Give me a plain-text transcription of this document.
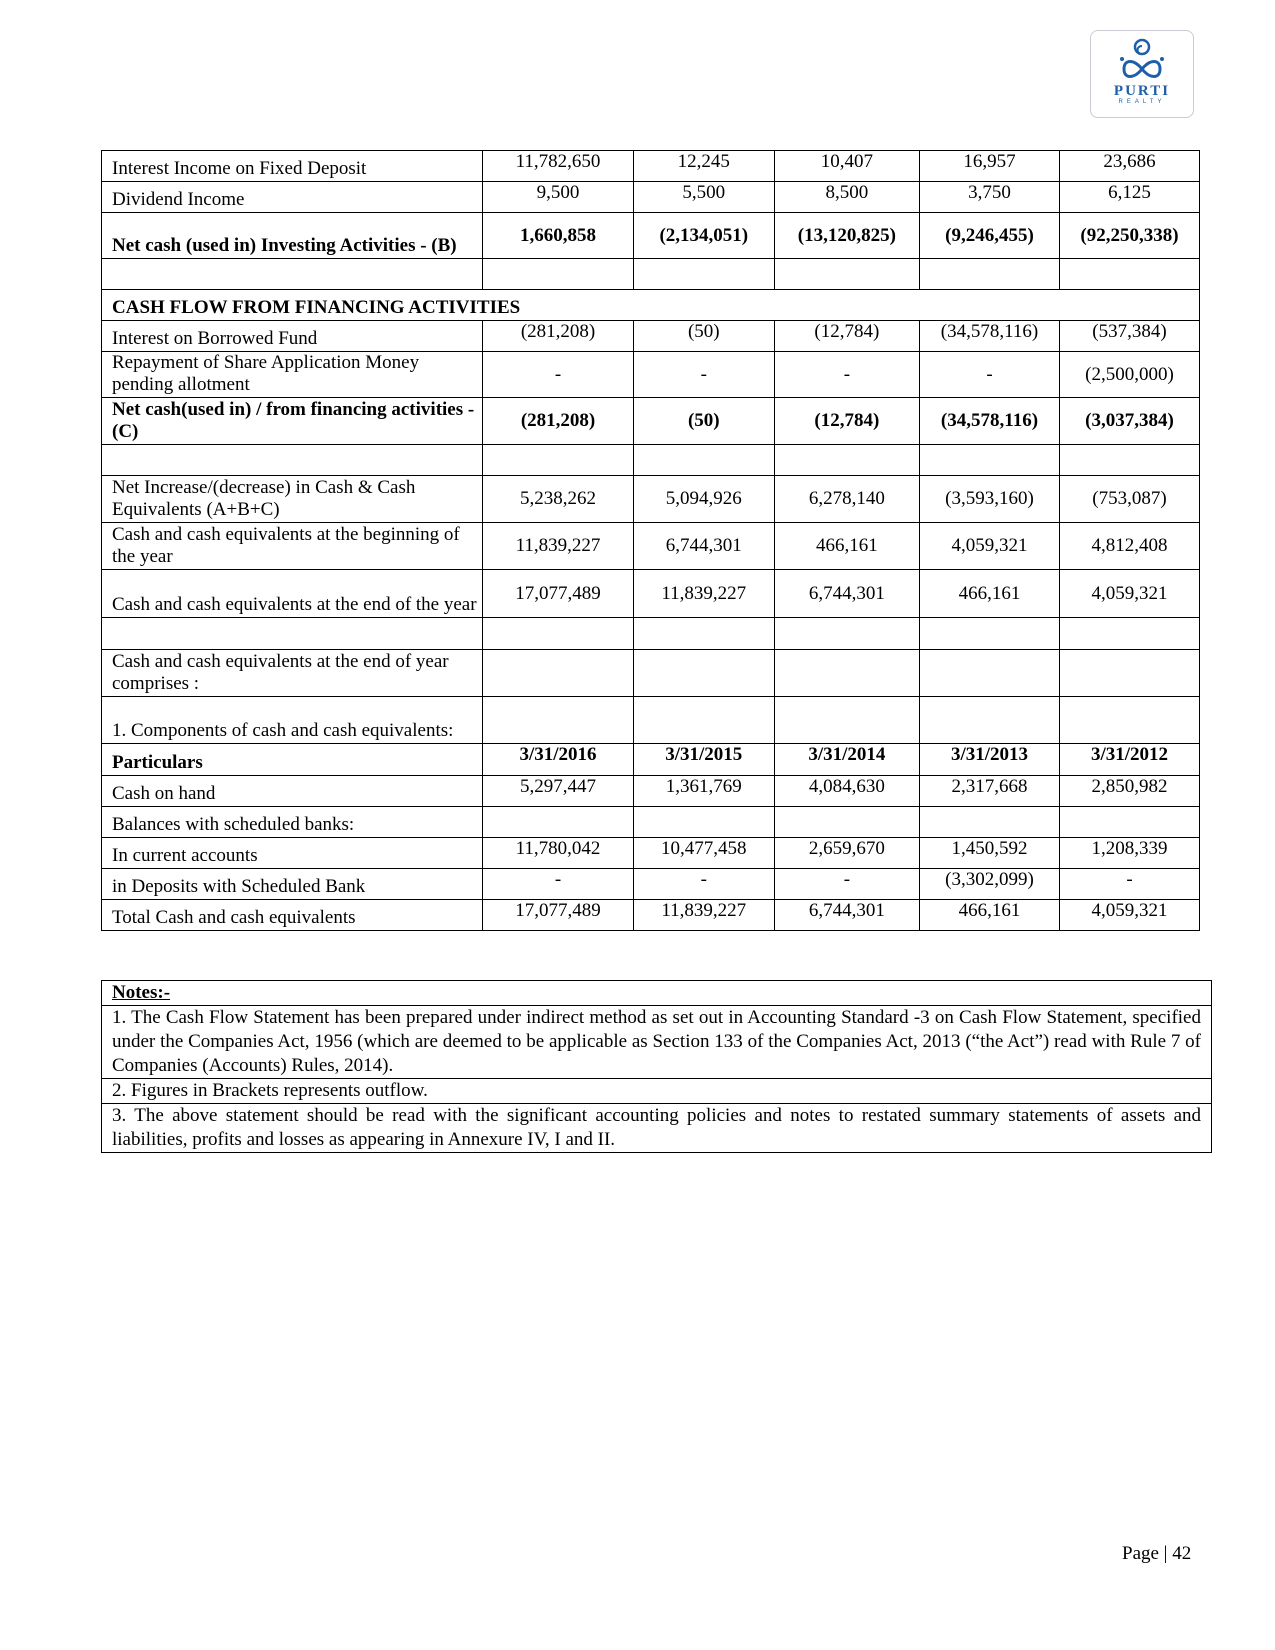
PURTI
REALTY
Interest Income on Fixed Deposit	11,782,650	12,245	10,407	16,957	23,686
Dividend Income	9,500	5,500	8,500	3,750	6,125
Net cash (used in) Investing Activities - (B)	1,660,858	(2,134,051)	(13,120,825)	(9,246,455)	(92,250,338)

CASH FLOW FROM FINANCING ACTIVITIES					
Interest on Borrowed Fund	(281,208)	(50)	(12,784)	(34,578,116)	(537,384)
Repayment of Share Application Money pending allotment	-	-	-	-	(2,500,000)
Net cash(used in) / from financing activities - (C)	(281,208)	(50)	(12,784)	(34,578,116)	(3,037,384)

Net Increase/(decrease) in Cash & Cash Equivalents (A+B+C)	5,238,262	5,094,926	6,278,140	(3,593,160)	(753,087)
Cash and cash equivalents at the beginning of the year	11,839,227	6,744,301	466,161	4,059,321	4,812,408
Cash and cash equivalents at the end of the year	17,077,489	11,839,227	6,744,301	466,161	4,059,321

Cash and cash equivalents at the end of year comprises :					
1. Components of cash and cash equivalents:					
Particulars	3/31/2016	3/31/2015	3/31/2014	3/31/2013	3/31/2012
Cash on hand	5,297,447	1,361,769	4,084,630	2,317,668	2,850,982
Balances with scheduled banks:					
In current accounts	11,780,042	10,477,458	2,659,670	1,450,592	1,208,339
in Deposits with Scheduled Bank	-	-	-	(3,302,099)	-
Total Cash and cash equivalents	17,077,489	11,839,227	6,744,301	466,161	4,059,321
Notes:-
1. The Cash Flow Statement has been prepared under indirect method as set out in Accounting Standard -3 on Cash Flow Statement, specified under the Companies Act, 1956 (which are deemed to be applicable as Section 133 of the Companies Act, 2013 (“the Act”) read with Rule 7 of Companies (Accounts) Rules, 2014).
2. Figures in Brackets represents outflow.
3. The above statement should be read with the significant accounting policies and notes to restated summary statements of assets and liabilities, profits and losses as appearing in Annexure IV, I and II.
Page | 42
